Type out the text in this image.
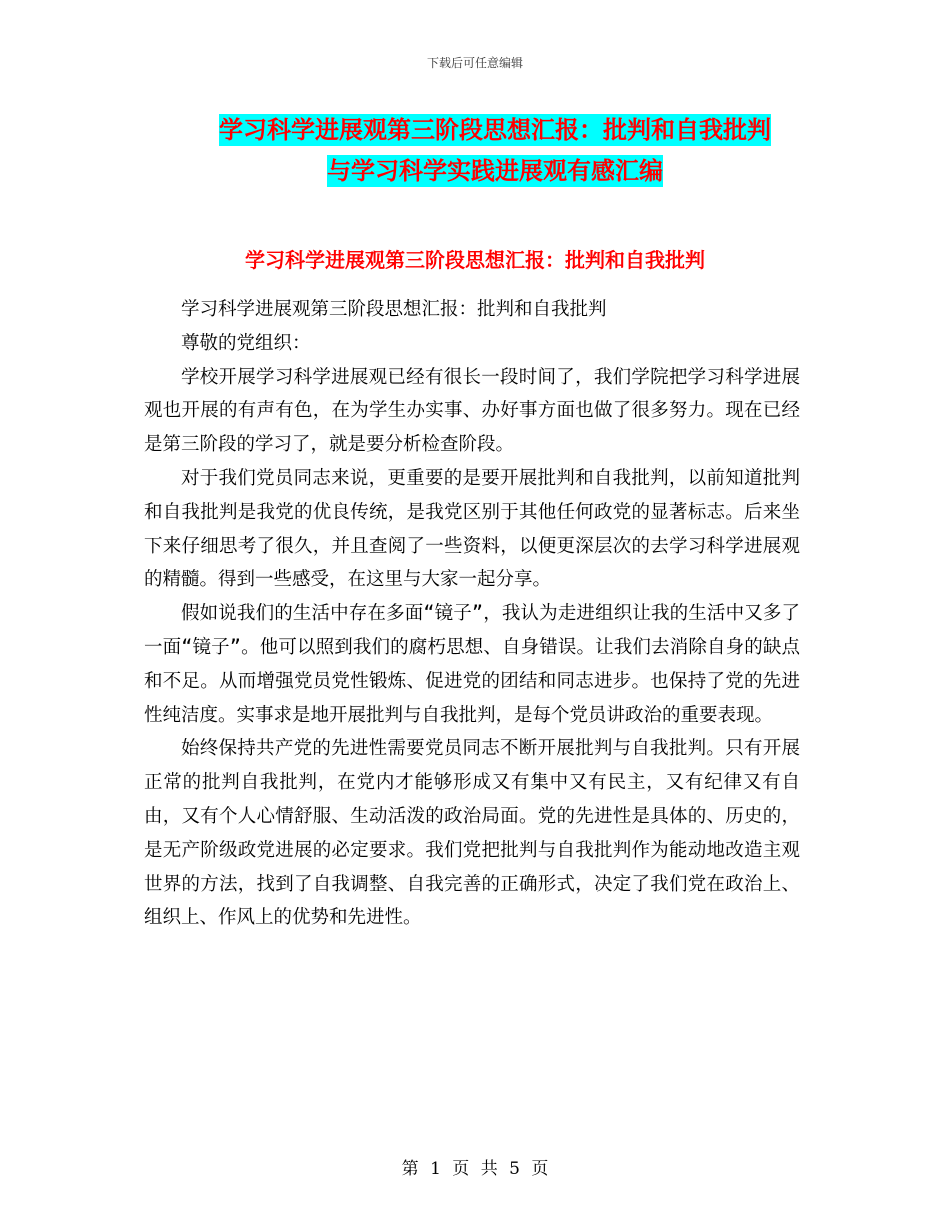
下载后可任意编辑
学习科学进展观第三阶段思想汇报：批判和自我批判
与学习科学实践进展观有感汇编
学习科学进展观第三阶段思想汇报：批判和自我批判

学习科学进展观第三阶段思想汇报：批判和自我批判

尊敬的党组织：

学校开展学习科学进展观已经有很长一段时间了，我们学院把学习科学进展观也开展的有声有色，在为学生办实事、办好事方面也做了很多努力。现在已经是第三阶段的学习了，就是要分析检查阶段。

对于我们党员同志来说，更重要的是要开展批判和自我批判，以前知道批判和自我批判是我党的优良传统，是我党区别于其他任何政党的显著标志。后来坐下来仔细思考了很久，并且查阅了一些资料，以便更深层次的去学习科学进展观的精髓。得到一些感受，在这里与大家一起分享。

假如说我们的生活中存在多面“镜子”，我认为走进组织让我的生活中又多了一面“镜子”。他可以照到我们的腐朽思想、自身错误。让我们去消除自身的缺点和不足。从而增强党员党性锻炼、促进党的团结和同志进步。也保持了党的先进性纯洁度。实事求是地开展批判与自我批判，是每个党员讲政治的重要表现。

始终保持共产党的先进性需要党员同志不断开展批判与自我批判。只有开展正常的批判自我批判，在党内才能够形成又有集中又有民主，又有纪律又有自由，又有个人心情舒服、生动活泼的政治局面。党的先进性是具体的、历史的，是无产阶级政党进展的必定要求。我们党把批判与自我批判作为能动地改造主观世界的方法，找到了自我调整、自我完善的正确形式，决定了我们党在政治上、组织上、作风上的优势和先进性。

第 1 页 共 5 页
